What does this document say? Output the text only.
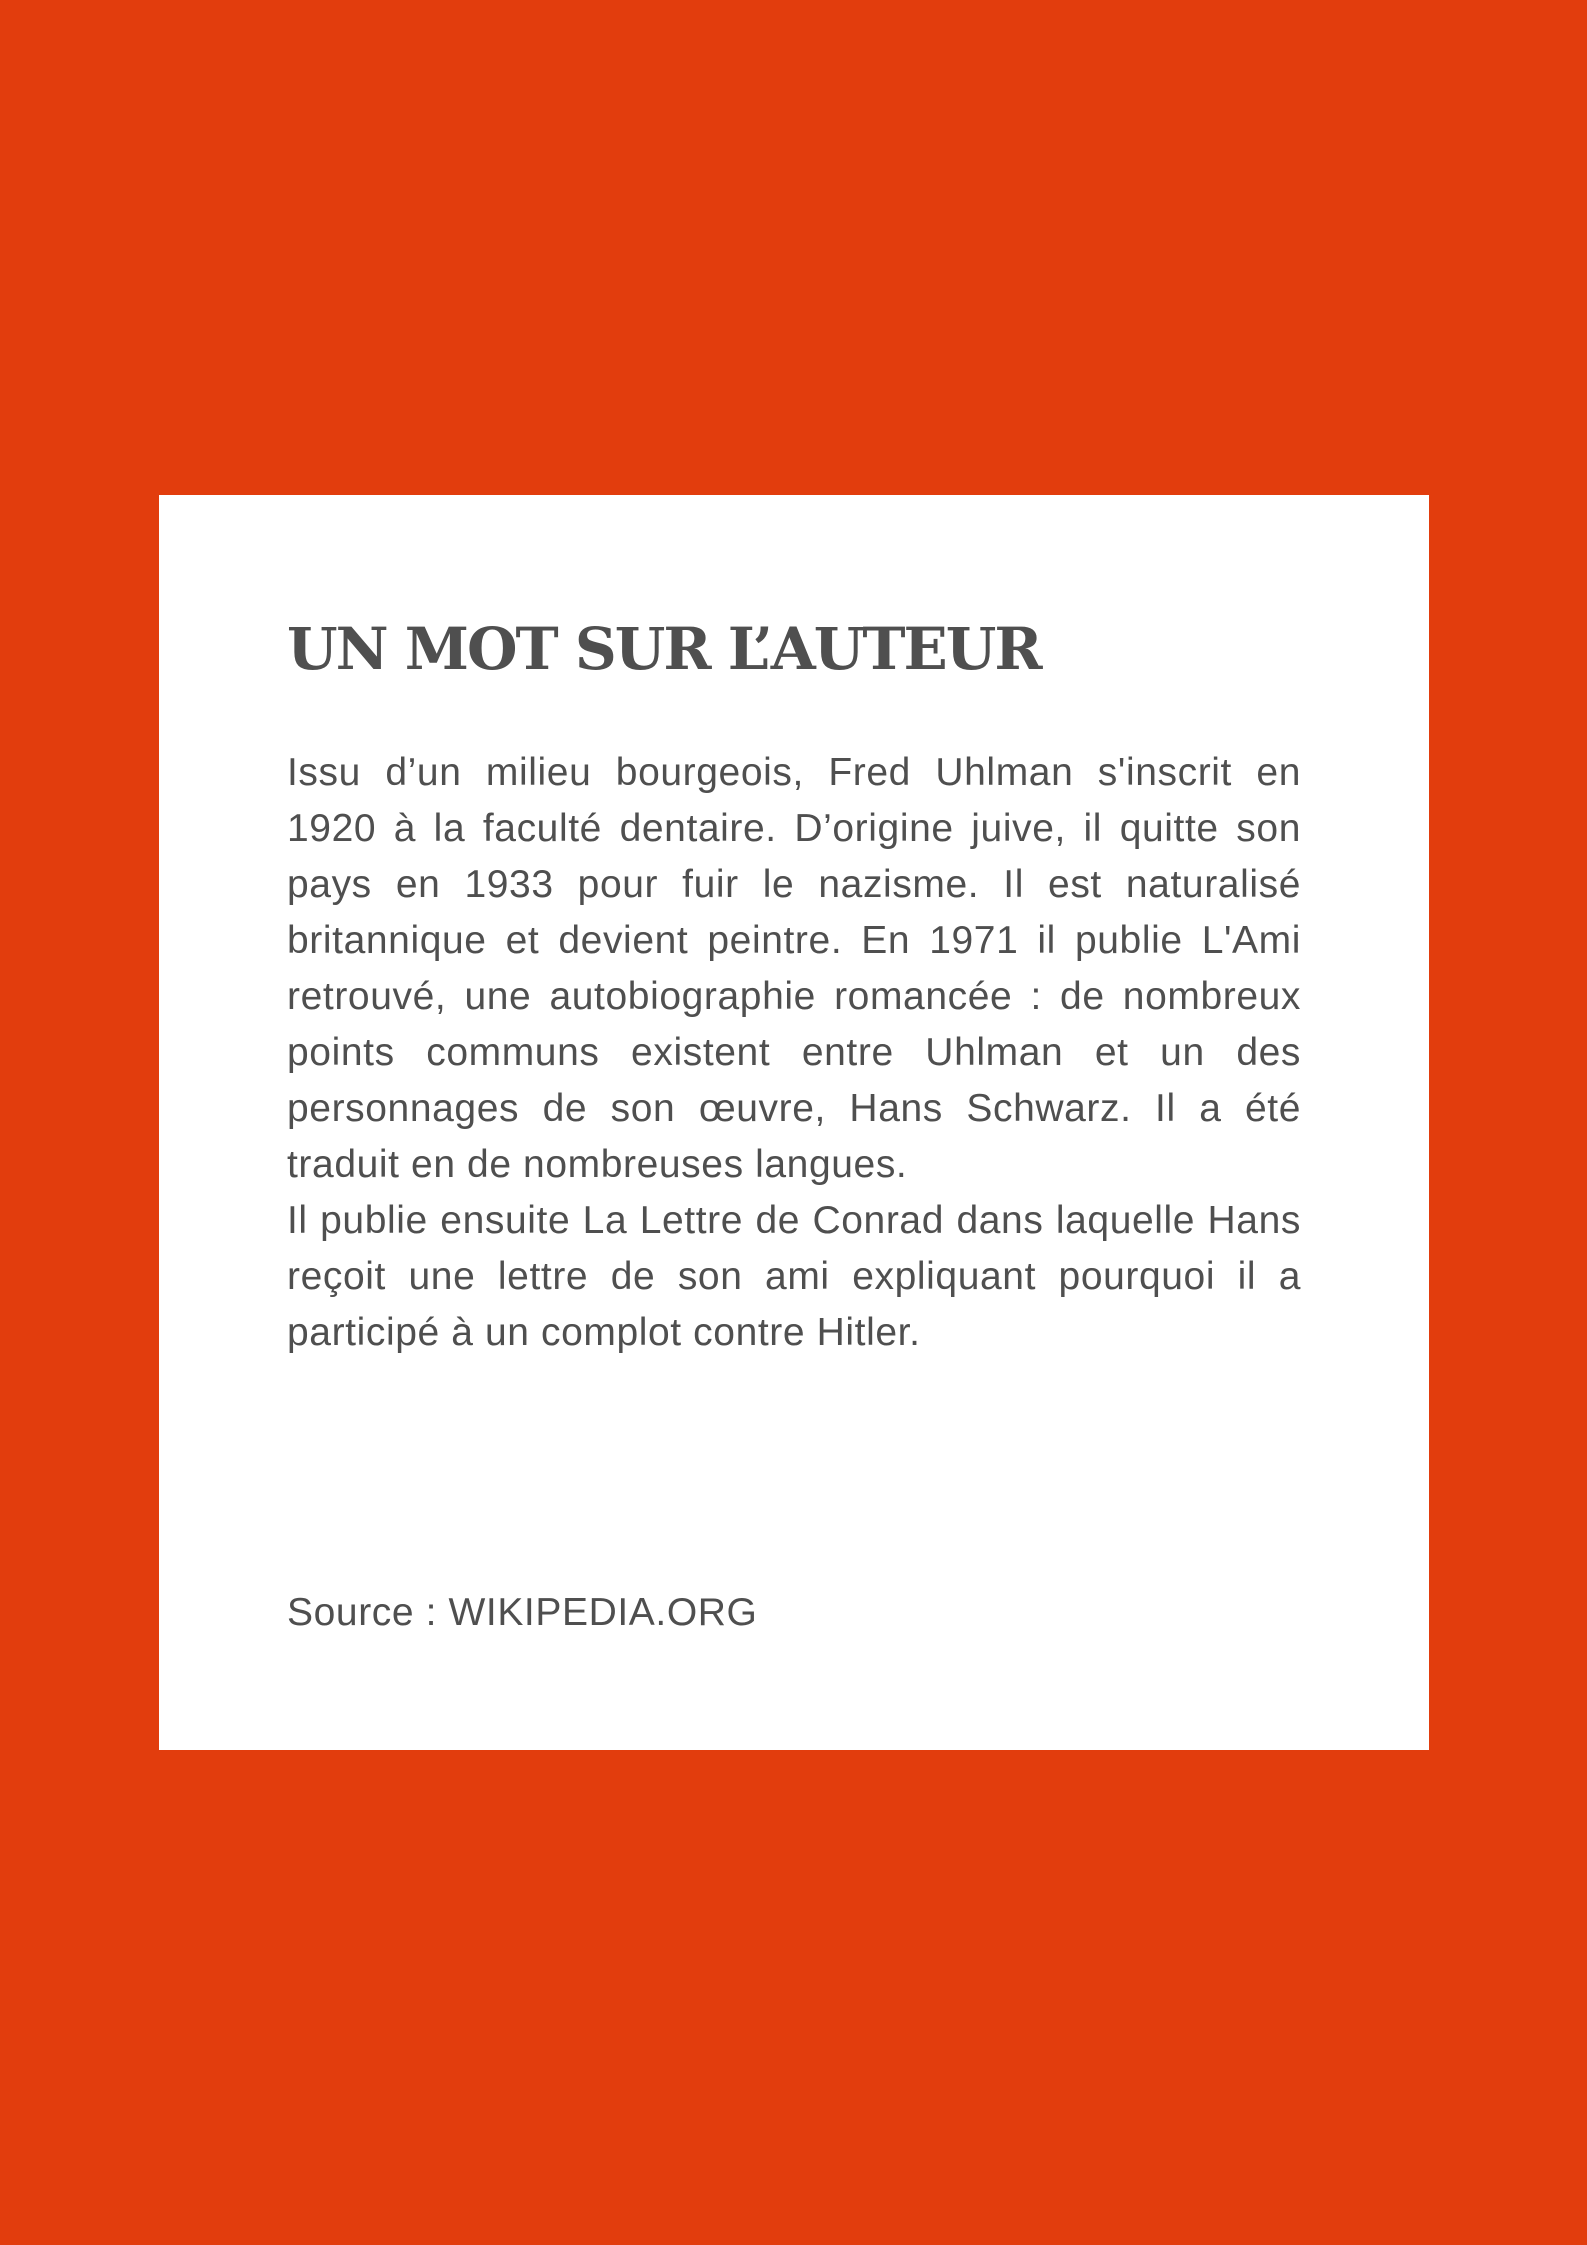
UN MOT SUR L’AUTEUR

Issu d’un milieu bourgeois, Fred Uhlman s'inscrit en 1920 à la faculté dentaire. D’origine juive, il quitte son pays en 1933 pour fuir le nazisme. Il est naturalisé britannique et devient peintre. En 1971 il publie L'Ami retrouvé, une autobiographie romancée : de nombreux points communs existent entre Uhlman et un des personnages de son œuvre, Hans Schwarz. Il a été traduit en de nombreuses langues.

Il publie ensuite La Lettre de Conrad dans laquelle Hans reçoit une lettre de son ami expliquant pourquoi il a participé à un complot contre Hitler.

Source : WIKIPEDIA.ORG
